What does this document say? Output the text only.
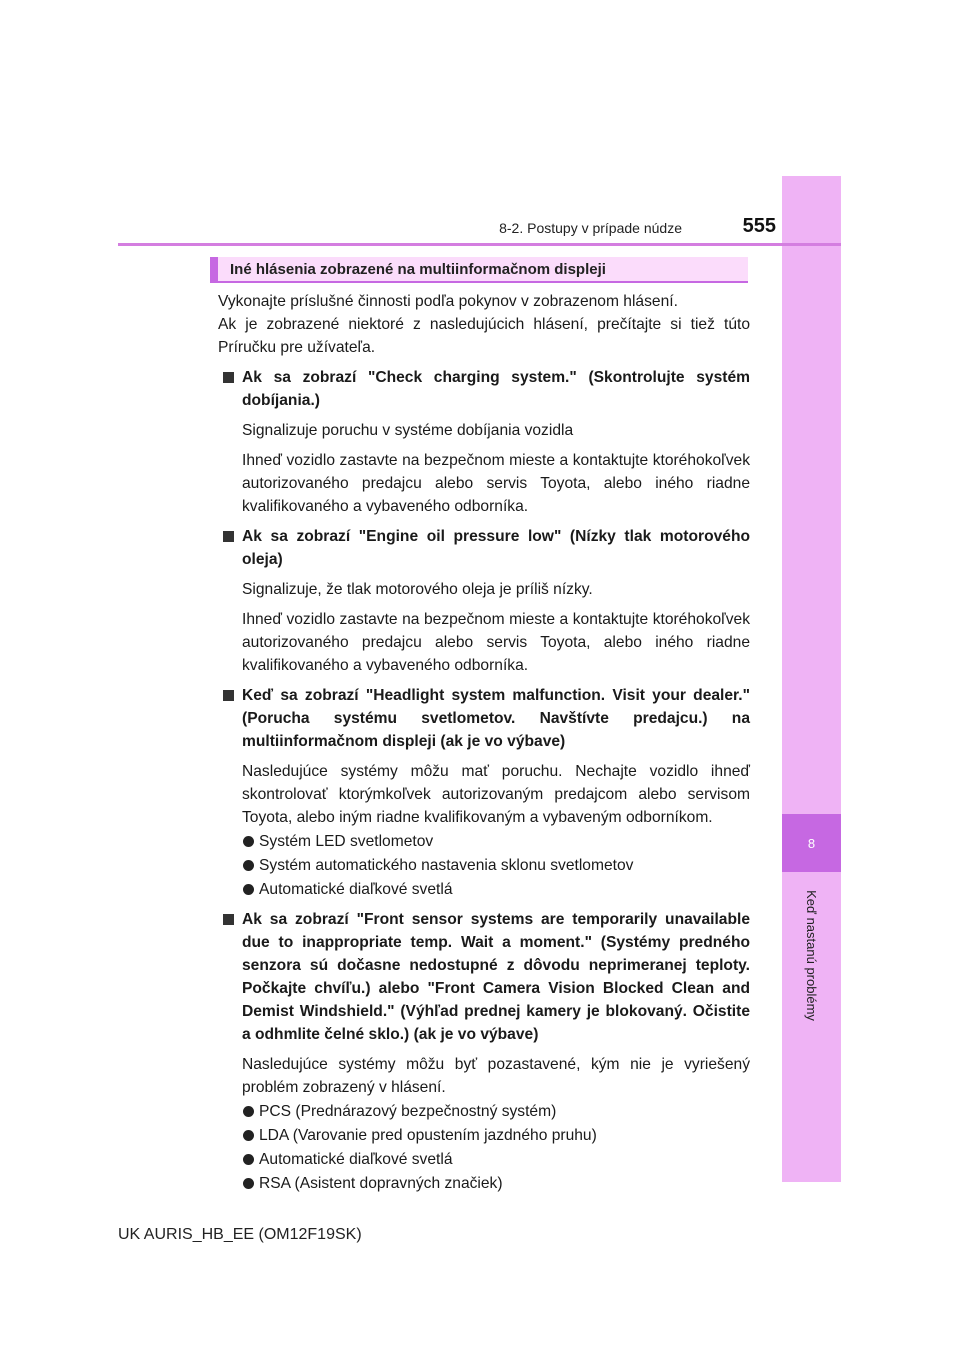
8
Keď nastanú problémy
8-2. Postupy v prípade núdze	555
Iné hlásenia zobrazené na multiinformačnom displeji

Vykonajte príslušné činnosti podľa pokynov v zobrazenom hlásení.

Ak je zobrazené niektoré z nasledujúcich hlásení, prečítajte si tiež túto Príručku pre užívateľa.

Ak sa zobrazí "Check charging system." (Skontrolujte systém dobíjania.)

Signalizuje poruchu v systéme dobíjania vozidla

Ihneď vozidlo zastavte na bezpečnom mieste a kontaktujte ktoréhokoľvek autorizovaného predajcu alebo servis Toyota, alebo iného riadne kvalifikovaného a vybaveného odborníka.

Ak sa zobrazí "Engine oil pressure low" (Nízky tlak motorového oleja)

Signalizuje, že tlak motorového oleja je príliš nízky.

Ihneď vozidlo zastavte na bezpečnom mieste a kontaktujte ktoréhokoľvek autorizovaného predajcu alebo servis Toyota, alebo iného riadne kvalifikovaného a vybaveného odborníka.

Keď sa zobrazí "Headlight system malfunction. Visit your dealer." (Porucha systému svetlometov. Navštívte predajcu.) na multiinformačnom displeji (ak je vo výbave)

Nasledujúce systémy môžu mať poruchu. Nechajte vozidlo ihneď skontrolovať ktorýmkoľvek autorizovaným predajcom alebo servisom Toyota, alebo iným riadne kvalifikovaným a vybaveným odborníkom.

Systém LED svetlometov

Systém automatického nastavenia sklonu svetlometov

Automatické diaľkové svetlá

Ak sa zobrazí "Front sensor systems are temporarily unavailable due to inappropriate temp. Wait a moment." (Systémy predného senzora sú dočasne nedostupné z dôvodu neprimeranej teploty. Počkajte chvíľu.) alebo "Front Camera Vision Blocked Clean and Demist Windshield." (Výhľad prednej kamery je blokovaný. Očistite a odhmlite čelné sklo.) (ak je vo výbave)

Nasledujúce systémy môžu byť pozastavené, kým nie je vyriešený problém zobrazený v hlásení.

PCS (Prednárazový bezpečnostný systém)

LDA (Varovanie pred opustením jazdného pruhu)

Automatické diaľkové svetlá

RSA (Asistent dopravných značiek)

UK AURIS_HB_EE (OM12F19SK)
